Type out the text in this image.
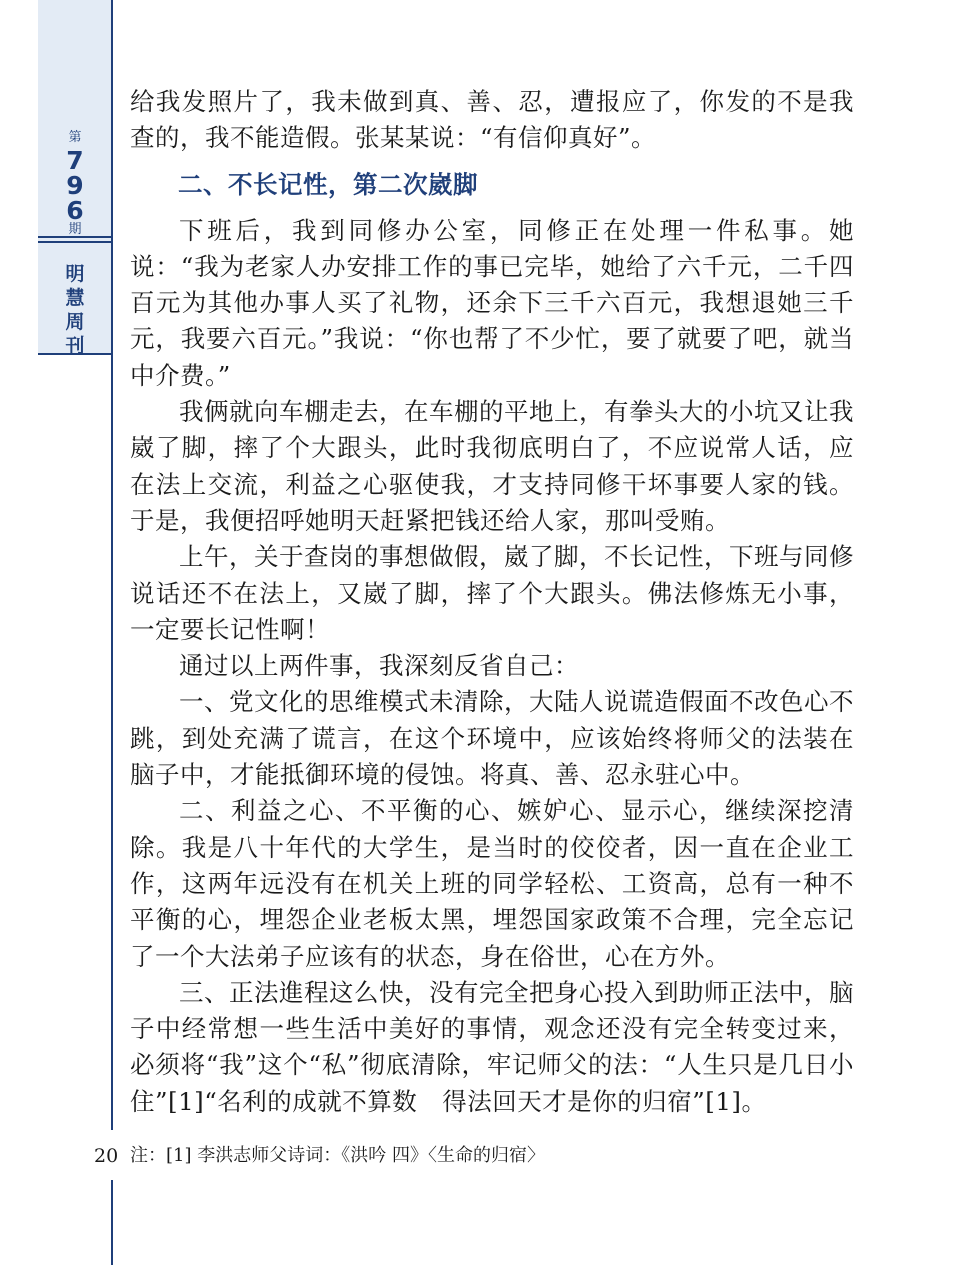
第
7
9
6
期
明
慧
周
刊

给我发照片了，我未做到真、善、忍，遭报应了，你发的不是我查的，我不能造假。张某某说：“有信仰真好”。

二、不长记性，第二次崴脚

下班后，我到同修办公室，同修正在处理一件私事。她说：“我为老家人办安排工作的事已完毕，她给了六千元，二千四百元为其他办事人买了礼物，还余下三千六百元，我想退她三千元，我要六百元。”我说：“你也帮了不少忙，要了就要了吧，就当中介费。”

我俩就向车棚走去，在车棚的平地上，有拳头大的小坑又让我崴了脚，摔了个大跟头，此时我彻底明白了，不应说常人话，应在法上交流，利益之心驱使我，才支持同修干坏事要人家的钱。于是，我便招呼她明天赶紧把钱还给人家，那叫受贿。

上午，关于查岗的事想做假，崴了脚，不长记性，下班与同修说话还不在法上，又崴了脚，摔了个大跟头。佛法修炼无小事，一定要长记性啊！

通过以上两件事，我深刻反省自己：

一、党文化的思维模式未清除，大陆人说谎造假面不改色心不跳，到处充满了谎言，在这个环境中，应该始终将师父的法装在脑子中，才能抵御环境的侵蚀。将真、善、忍永驻心中。

二、利益之心、不平衡的心、嫉妒心、显示心，继续深挖清除。我是八十年代的大学生，是当时的佼佼者，因一直在企业工作，这两年远没有在机关上班的同学轻松、工资高，总有一种不平衡的心，埋怨企业老板太黑，埋怨国家政策不合理，完全忘记了一个大法弟子应该有的状态，身在俗世，心在方外。

三、正法進程这么快，没有完全把身心投入到助师正法中，脑子中经常想一些生活中美好的事情，观念还没有完全转变过来，必须将“我”这个“私”彻底清除，牢记师父的法：“人生只是几日小住”[1]“名利的成就不算数　得法回天才是你的归宿”[1]。

20 注：[1] 李洪志师父诗词：《洪吟 四》〈生命的归宿〉
